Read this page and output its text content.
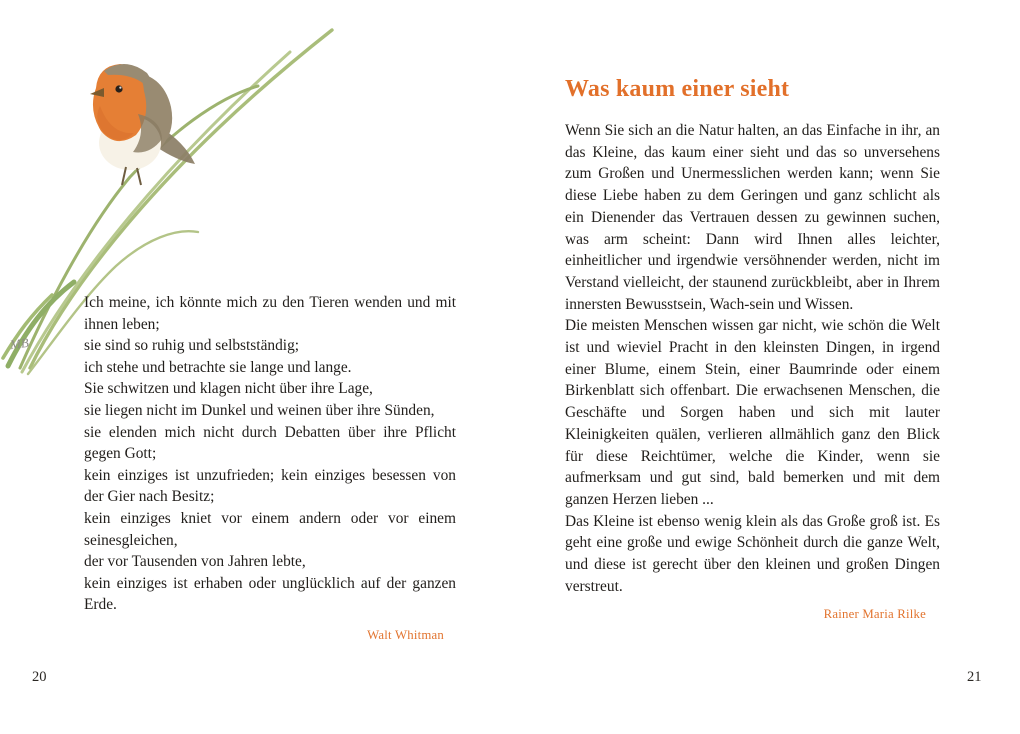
MB
Ich meine, ich könnte mich zu den Tieren wenden und mit ihnen leben;
sie sind so ruhig und selbstständig;
ich stehe und betrachte sie lange und lange.
Sie schwitzen und klagen nicht über ihre Lage,
sie liegen nicht im Dunkel und weinen über ihre Sünden,
sie elenden mich nicht durch Debatten über ihre Pflicht gegen Gott;
kein einziges ist unzufrieden; kein einziges besessen von der Gier nach Besitz;
kein einziges kniet vor einem andern oder vor einem seinesgleichen,
der vor Tausenden von Jahren lebte,
kein einziges ist erhaben oder unglücklich auf der ganzen Erde.
Walt Whitman
20
Was kaum einer sieht

Wenn Sie sich an die Natur halten, an das Einfache in ihr, an das Kleine, das kaum einer sieht und das so unversehens zum Großen und Unermesslichen werden kann; wenn Sie diese Liebe haben zu dem Geringen und ganz schlicht als ein Dienender das Vertrauen dessen zu gewinnen suchen, was arm scheint: Dann wird Ihnen alles leichter, einheitlicher und irgendwie versöhnender werden, nicht im Verstand vielleicht, der staunend zurückbleibt, aber in Ihrem innersten Bewusstsein, Wach-sein und Wissen.

Die meisten Menschen wissen gar nicht, wie schön die Welt ist und wieviel Pracht in den kleinsten Dingen, in irgend einer Blume, einem Stein, einer Baumrinde oder einem Birkenblatt sich offenbart. Die erwachsenen Menschen, die Geschäfte und Sorgen haben und sich mit lauter Kleinigkeiten quälen, verlieren allmählich ganz den Blick für diese Reichtümer, welche die Kinder, wenn sie aufmerksam und gut sind, bald bemerken und mit dem ganzen Herzen lieben ...

Das Kleine ist ebenso wenig klein als das Große groß ist. Es geht eine große und ewige Schönheit durch die ganze Welt, und diese ist gerecht über den kleinen und großen Dingen verstreut.

Rainer Maria Rilke
21
